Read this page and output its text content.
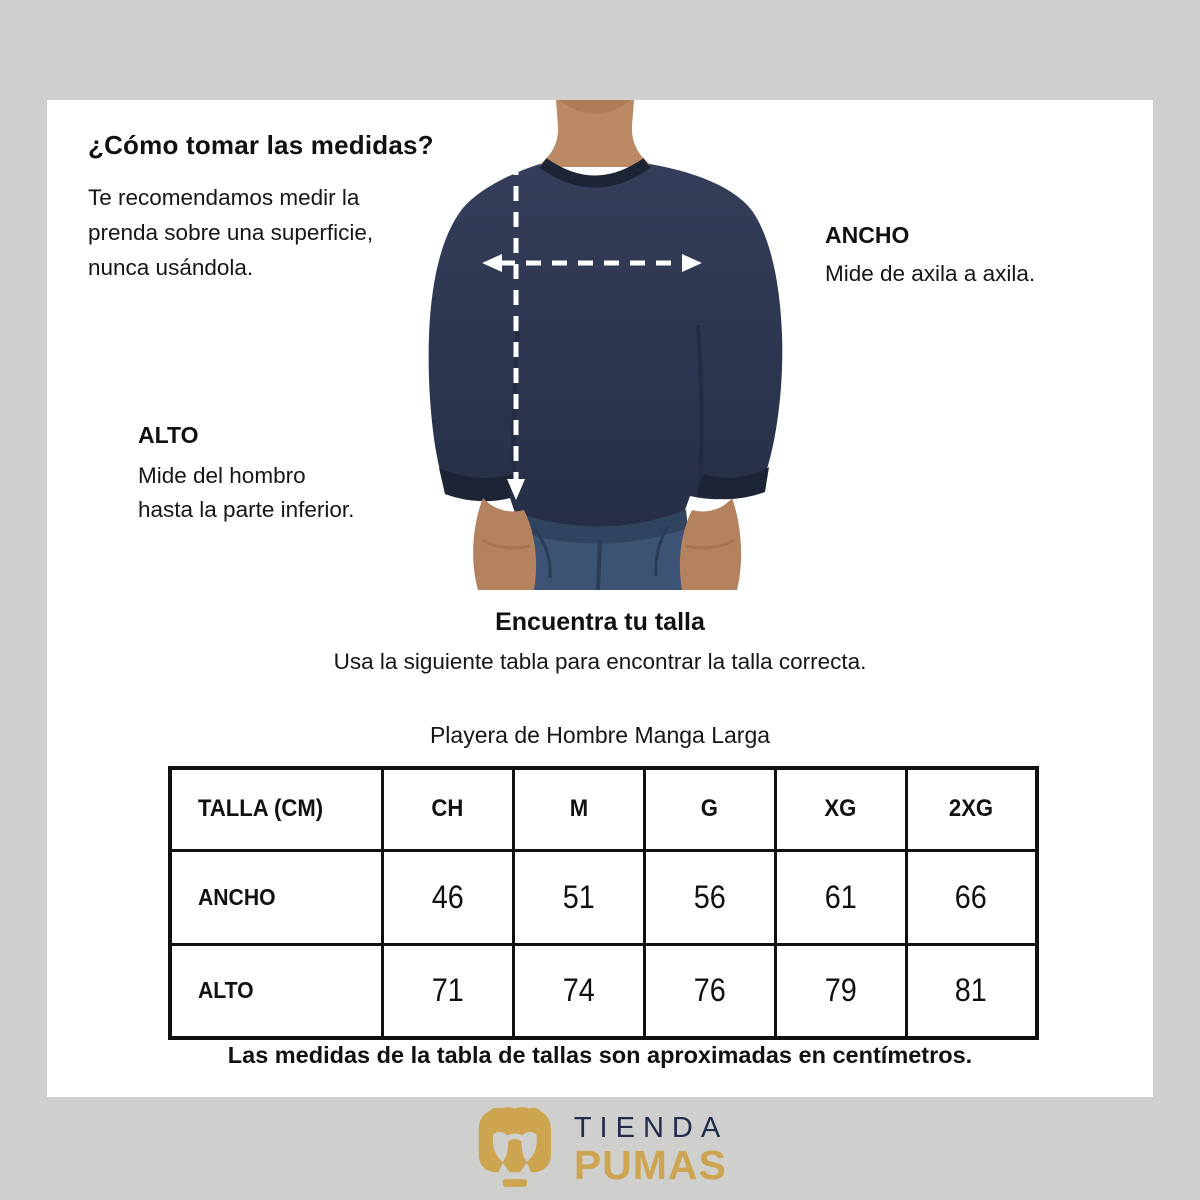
¿Cómo tomar las medidas?
Te recomendamos medir la
prenda sobre una superficie,
nunca usándola.
ANCHO
Mide de axila a axila.
ALTO
Mide del hombro
hasta la parte inferior.
Encuentra tu talla
Usa la siguiente tabla para encontrar la talla correcta.
Playera de Hombre Manga Larga
TALLA (CM)	CH	M	G	XG	2XG
ANCHO	46	51	56	61	66
ALTO	71	74	76	79	81
Las medidas de la tabla de tallas son aproximadas en centímetros.
TIENDA
PUMAS
